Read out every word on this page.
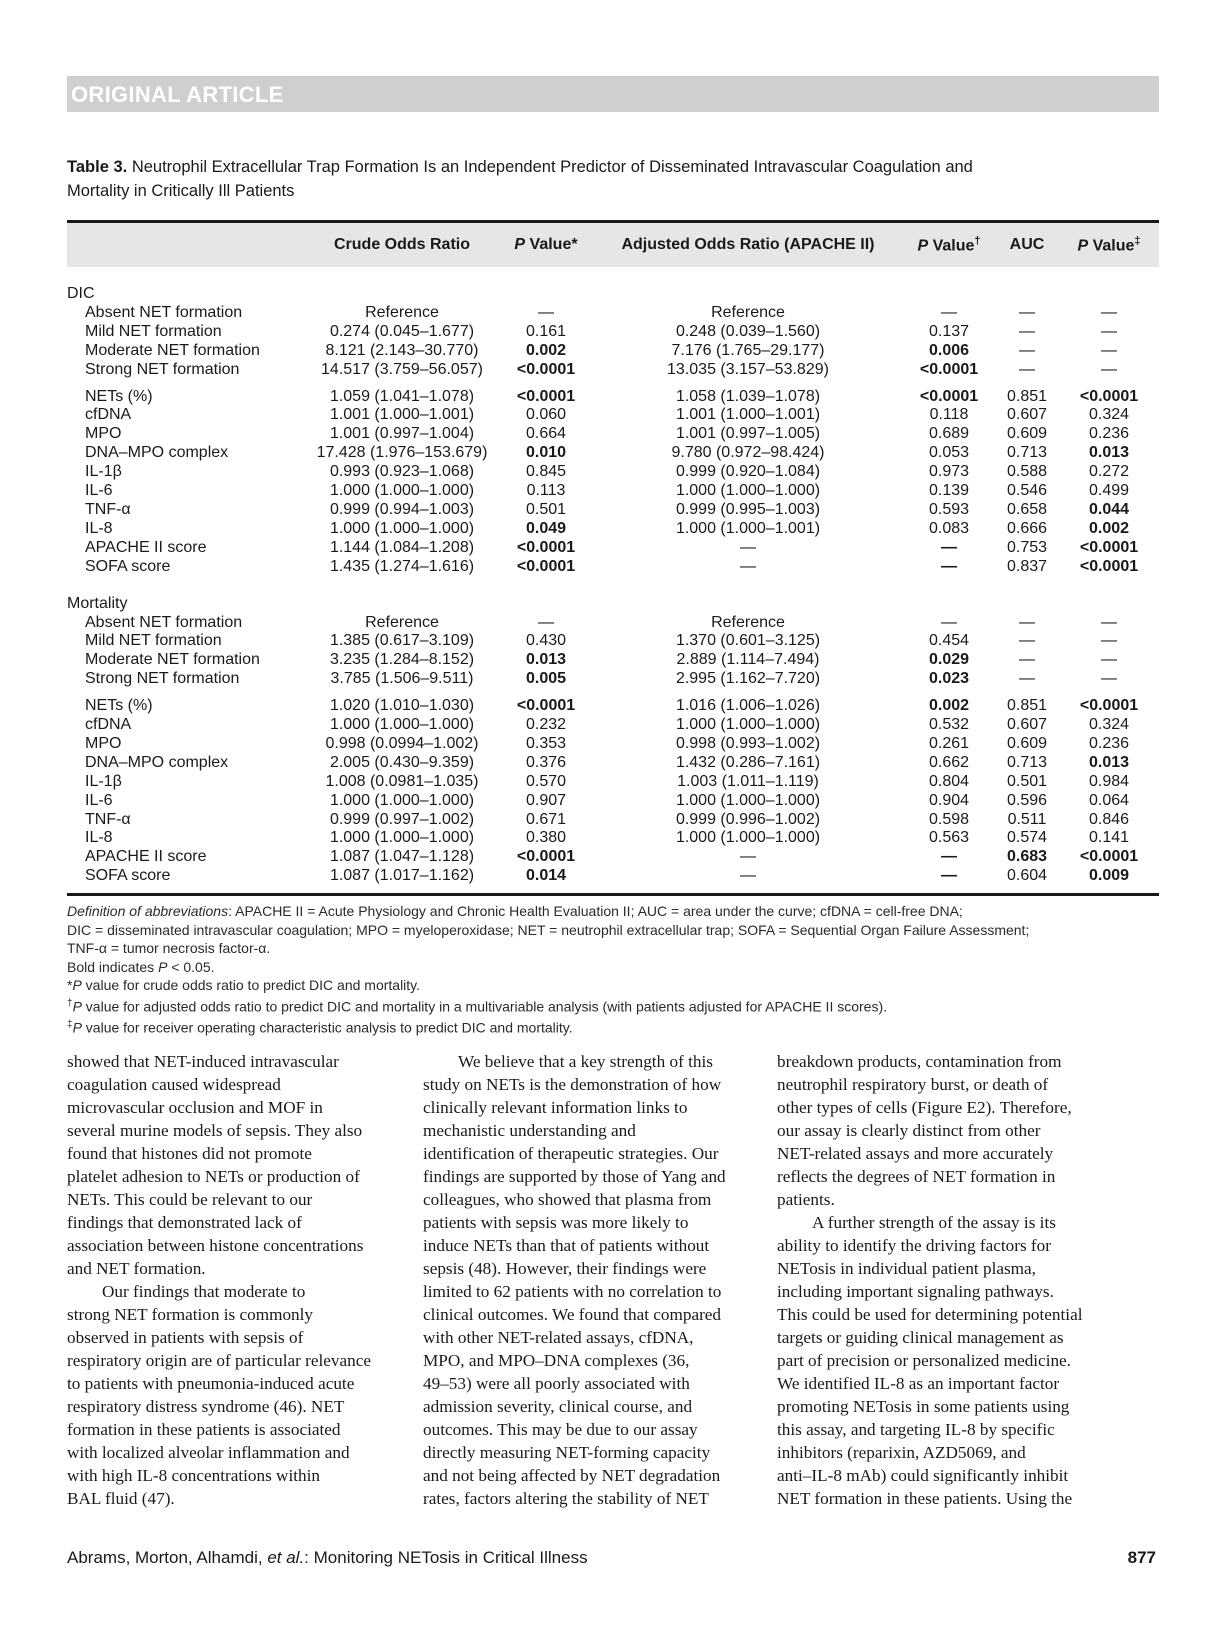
ORIGINAL ARTICLE
Table 3. Neutrophil Extracellular Trap Formation Is an Independent Predictor of Disseminated Intravascular Coagulation and
Mortality in Critically Ill Patients
	Crude Odds Ratio	P Value*	Adjusted Odds Ratio (APACHE II)	P Value†	AUC	P Value‡

DIC						
Absent NET formation	Reference	—	Reference	—	—	—
Mild NET formation	0.274 (0.045–1.677)	0.161	0.248 (0.039–1.560)	0.137	—	—
Moderate NET formation	8.121 (2.143–30.770)	0.002	7.176 (1.765–29.177)	0.006	—	—
Strong NET formation	14.517 (3.759–56.057)	<0.0001	13.035 (3.157–53.829)	<0.0001	—	—

NETs (%)	1.059 (1.041–1.078)	<0.0001	1.058 (1.039–1.078)	<0.0001	0.851	<0.0001
cfDNA	1.001 (1.000–1.001)	0.060	1.001 (1.000–1.001)	0.118	0.607	0.324
MPO	1.001 (0.997–1.004)	0.664	1.001 (0.997–1.005)	0.689	0.609	0.236
DNA–MPO complex	17.428 (1.976–153.679)	0.010	9.780 (0.972–98.424)	0.053	0.713	0.013
IL-1β	0.993 (0.923–1.068)	0.845	0.999 (0.920–1.084)	0.973	0.588	0.272
IL-6	1.000 (1.000–1.000)	0.113	1.000 (1.000–1.000)	0.139	0.546	0.499
TNF-α	0.999 (0.994–1.003)	0.501	0.999 (0.995–1.003)	0.593	0.658	0.044
IL-8	1.000 (1.000–1.000)	0.049	1.000 (1.000–1.001)	0.083	0.666	0.002
APACHE II score	1.144 (1.084–1.208)	<0.0001	—	—	0.753	<0.0001
SOFA score	1.435 (1.274–1.616)	<0.0001	—	—	0.837	<0.0001

Mortality						
Absent NET formation	Reference	—	Reference	—	—	—
Mild NET formation	1.385 (0.617–3.109)	0.430	1.370 (0.601–3.125)	0.454	—	—
Moderate NET formation	3.235 (1.284–8.152)	0.013	2.889 (1.114–7.494)	0.029	—	—
Strong NET formation	3.785 (1.506–9.511)	0.005	2.995 (1.162–7.720)	0.023	—	—

NETs (%)	1.020 (1.010–1.030)	<0.0001	1.016 (1.006–1.026)	0.002	0.851	<0.0001
cfDNA	1.000 (1.000–1.000)	0.232	1.000 (1.000–1.000)	0.532	0.607	0.324
MPO	0.998 (0.0994–1.002)	0.353	0.998 (0.993–1.002)	0.261	0.609	0.236
DNA–MPO complex	2.005 (0.430–9.359)	0.376	1.432 (0.286–7.161)	0.662	0.713	0.013
IL-1β	1.008 (0.0981–1.035)	0.570	1.003 (1.011–1.119)	0.804	0.501	0.984
IL-6	1.000 (1.000–1.000)	0.907	1.000 (1.000–1.000)	0.904	0.596	0.064
TNF-α	0.999 (0.997–1.002)	0.671	0.999 (0.996–1.002)	0.598	0.511	0.846
IL-8	1.000 (1.000–1.000)	0.380	1.000 (1.000–1.000)	0.563	0.574	0.141
APACHE II score	1.087 (1.047–1.128)	<0.0001	—	—	0.683	<0.0001
SOFA score	1.087 (1.017–1.162)	0.014	—	—	0.604	0.009

Definition of abbreviations: APACHE II = Acute Physiology and Chronic Health Evaluation II; AUC = area under the curve; cfDNA = cell-free DNA;

DIC = disseminated intravascular coagulation; MPO = myeloperoxidase; NET = neutrophil extracellular trap; SOFA = Sequential Organ Failure Assessment;

TNF-α = tumor necrosis factor-α.

Bold indicates P < 0.05.

*P value for crude odds ratio to predict DIC and mortality.

†P value for adjusted odds ratio to predict DIC and mortality in a multivariable analysis (with patients adjusted for APACHE II scores).

‡P value for receiver operating characteristic analysis to predict DIC and mortality.

showed that NET-induced intravascular

coagulation caused widespread

microvascular occlusion and MOF in

several murine models of sepsis. They also

found that histones did not promote

platelet adhesion to NETs or production of

NETs. This could be relevant to our

findings that demonstrated lack of

association between histone concentrations

and NET formation.

Our findings that moderate to

strong NET formation is commonly

observed in patients with sepsis of

respiratory origin are of particular relevance

to patients with pneumonia-induced acute

respiratory distress syndrome (46). NET

formation in these patients is associated

with localized alveolar inflammation and

with high IL-8 concentrations within

BAL fluid (47).

We believe that a key strength of this

study on NETs is the demonstration of how

clinically relevant information links to

mechanistic understanding and

identification of therapeutic strategies. Our

findings are supported by those of Yang and

colleagues, who showed that plasma from

patients with sepsis was more likely to

induce NETs than that of patients without

sepsis (48). However, their findings were

limited to 62 patients with no correlation to

clinical outcomes. We found that compared

with other NET-related assays, cfDNA,

MPO, and MPO–DNA complexes (36,

49–53) were all poorly associated with

admission severity, clinical course, and

outcomes. This may be due to our assay

directly measuring NET-forming capacity

and not being affected by NET degradation

rates, factors altering the stability of NET

breakdown products, contamination from

neutrophil respiratory burst, or death of

other types of cells (Figure E2). Therefore,

our assay is clearly distinct from other

NET-related assays and more accurately

reflects the degrees of NET formation in

patients.

A further strength of the assay is its

ability to identify the driving factors for

NETosis in individual patient plasma,

including important signaling pathways.

This could be used for determining potential

targets or guiding clinical management as

part of precision or personalized medicine.

We identified IL-8 as an important factor

promoting NETosis in some patients using

this assay, and targeting IL-8 by specific

inhibitors (reparixin, AZD5069, and

anti–IL-8 mAb) could significantly inhibit

NET formation in these patients. Using the

Abrams, Morton, Alhamdi, et al.: Monitoring NETosis in Critical Illness	877
